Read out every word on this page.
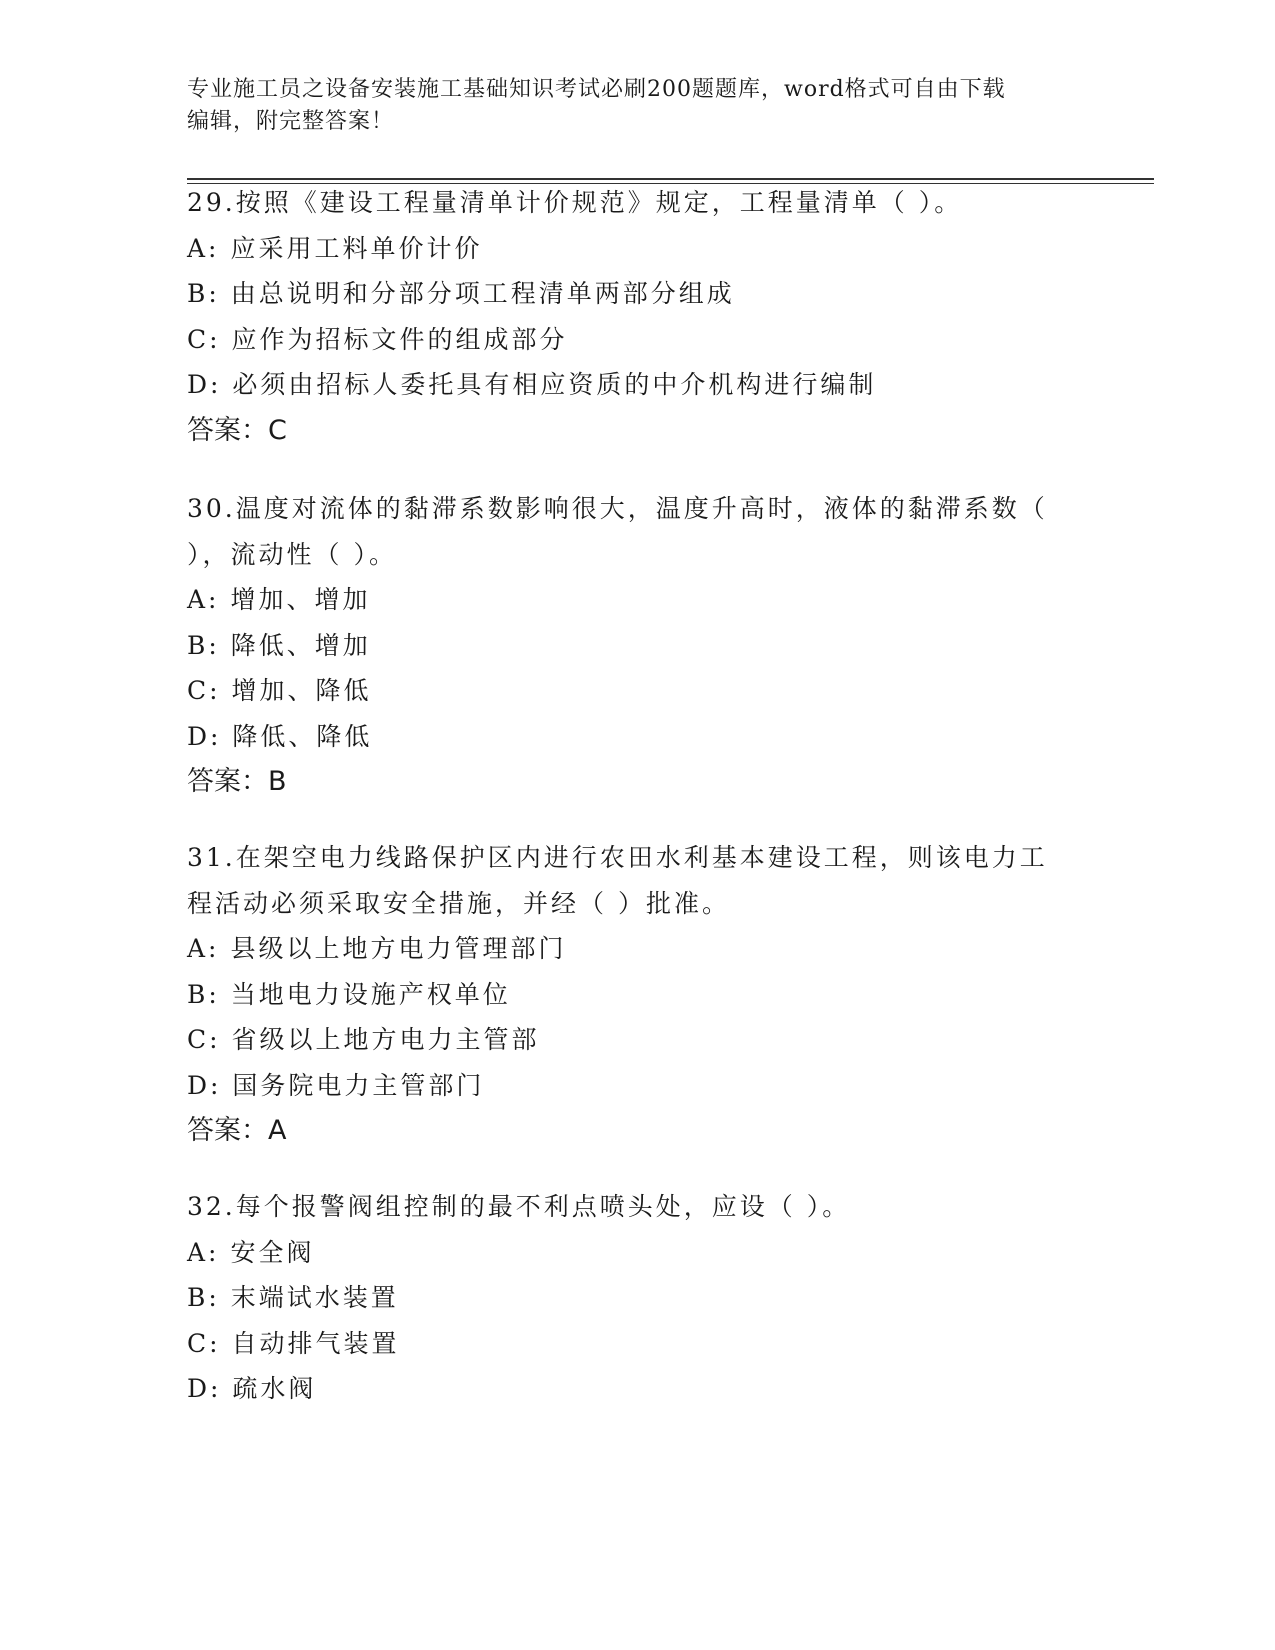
专业施工员之设备安装施工基础知识考试必刷200题题库，word格式可自由下载
编辑，附完整答案！
29.按照《建设工程量清单计价规范》规定，工程量清单（ ）。
A: 应采用工料单价计价
B: 由总说明和分部分项工程清单两部分组成
C: 应作为招标文件的组成部分
D: 必须由招标人委托具有相应资质的中介机构进行编制
答案：C
30.温度对流体的黏滞系数影响很大，温度升高时，液体的黏滞系数（
），流动性（ ）。
A: 增加、增加
B: 降低、增加
C: 增加、降低
D: 降低、降低
答案：B
31.在架空电力线路保护区内进行农田水利基本建设工程，则该电力工
程活动必须采取安全措施，并经（ ）批准。
A: 县级以上地方电力管理部门
B: 当地电力设施产权单位
C: 省级以上地方电力主管部
D: 国务院电力主管部门
答案：A
32.每个报警阀组控制的最不利点喷头处，应设（ ）。
A: 安全阀
B: 末端试水装置
C: 自动排气装置
D: 疏水阀
